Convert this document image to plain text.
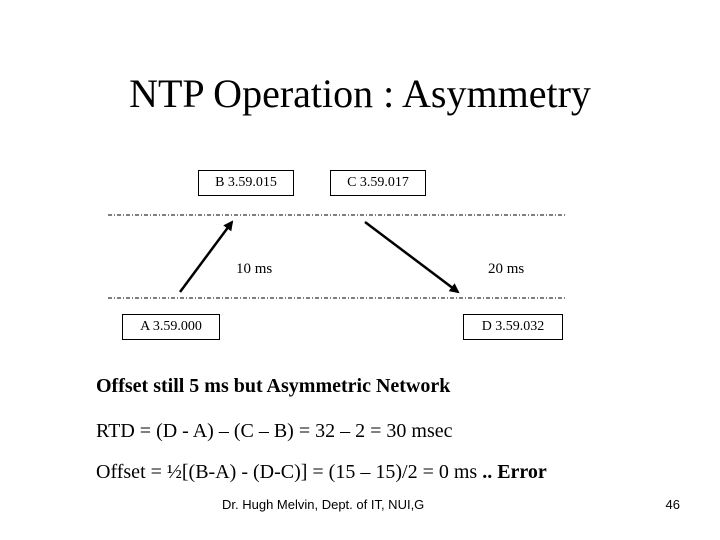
NTP Operation : Asymmetry
B 3.59.015	C 3.59.017
A 3.59.000	D 3.59.032
10 ms	20 ms
Offset still 5 ms but Asymmetric Network
RTD = (D - A) – (C – B) = 32 – 2 = 30 msec
Offset = ½[(B-A) - (D-C)] = (15 – 15)/2 = 0 ms .. Error
Dr. Hugh Melvin, Dept. of IT, NUI,G	46
